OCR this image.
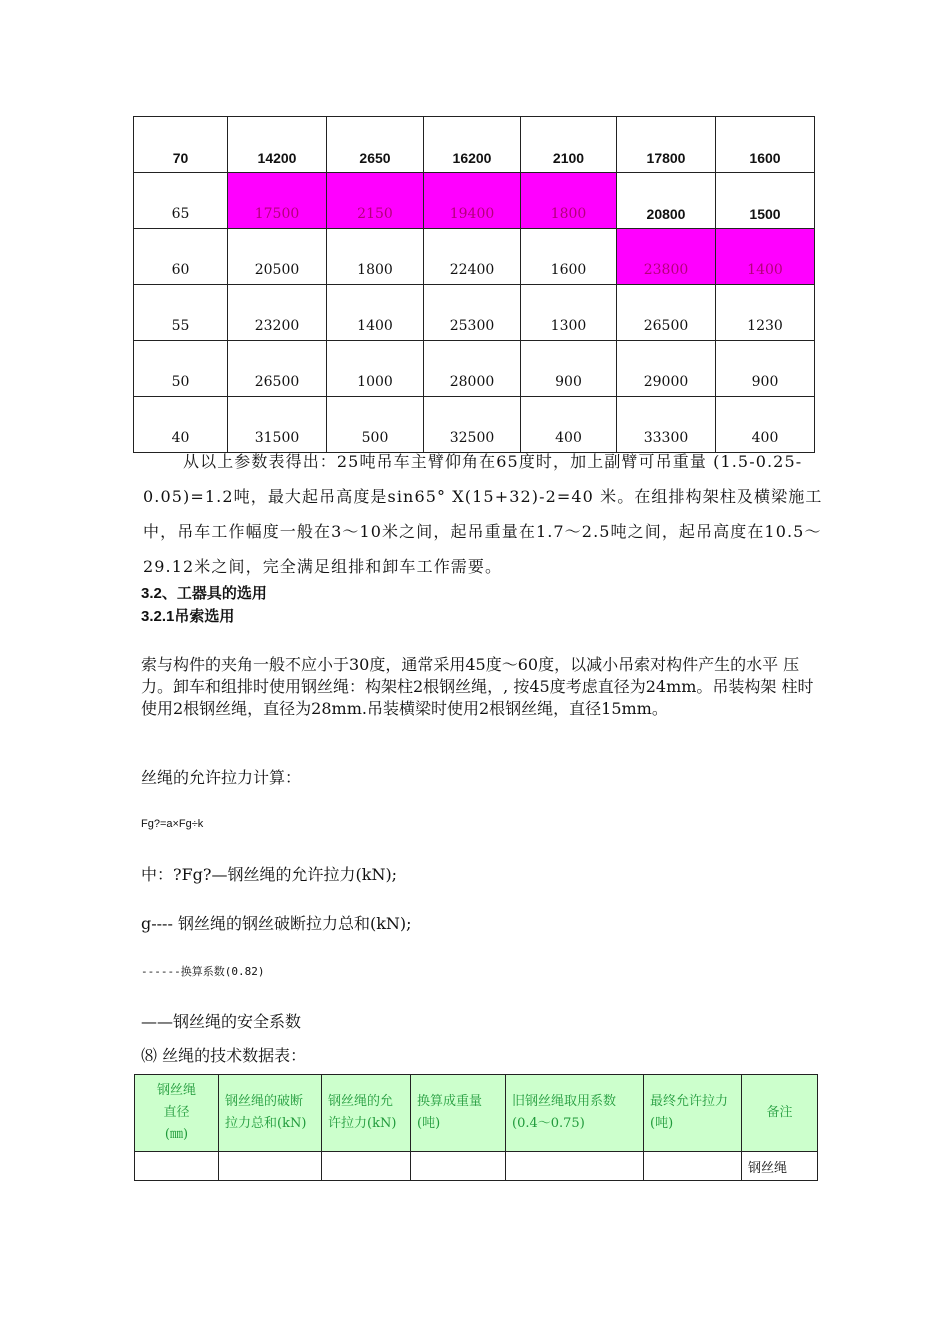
70	14200	2650	16200	2100	17800	1600
65	17500	2150	19400	1800	20800	1500
60	20500	1800	22400	1600	23800	1400
55	23200	1400	25300	1300	26500	1230
50	26500	1000	28000	900	29000	900
40	31500	500	32500	400	33300	400
从以上参数表得出：25吨吊车主臂仰角在65度时，加上副臂可吊重量 (1.5-0.25-0.05)=1.2吨，最大起吊高度是sin65° X(15+32)-2=40 米。在组排构架柱及横梁施工中，吊车工作幅度一般在3～10米之间，起吊重量在1.7～2.5吨之间，起吊高度在10.5～29.12米之间，完全满足组排和卸车工作需要。
3.2、工器具的选用
3.2.1吊索选用
索与构件的夹角一般不应小于30度，通常采用45度～60度，以减小吊索对构件产生的水平 压力。卸车和组排时使用钢丝绳：构架柱2根钢丝绳，, 按45度考虑直径为24mm。吊装构架 柱时使用2根钢丝绳，直径为28mm.吊装横梁时使用2根钢丝绳，直径15mm。
丝绳的允许拉力计算：
Fg?=a×Fg÷k
中：?Fg?—钢丝绳的允许拉力(kN);
g---- 钢丝绳的钢丝破断拉力总和(kN);
------换算系数(0.82)
——钢丝绳的安全系数
⑻ 丝绳的技术数据表：
钢丝绳
直径
(㎜)	钢丝绳的破断拉力总和(kN)	钢丝绳的允许拉力(kN)	换算成重量(吨)	旧钢丝绳取用系数(0.4～0.75)	最终允许拉力(吨)	备注
						钢丝绳
